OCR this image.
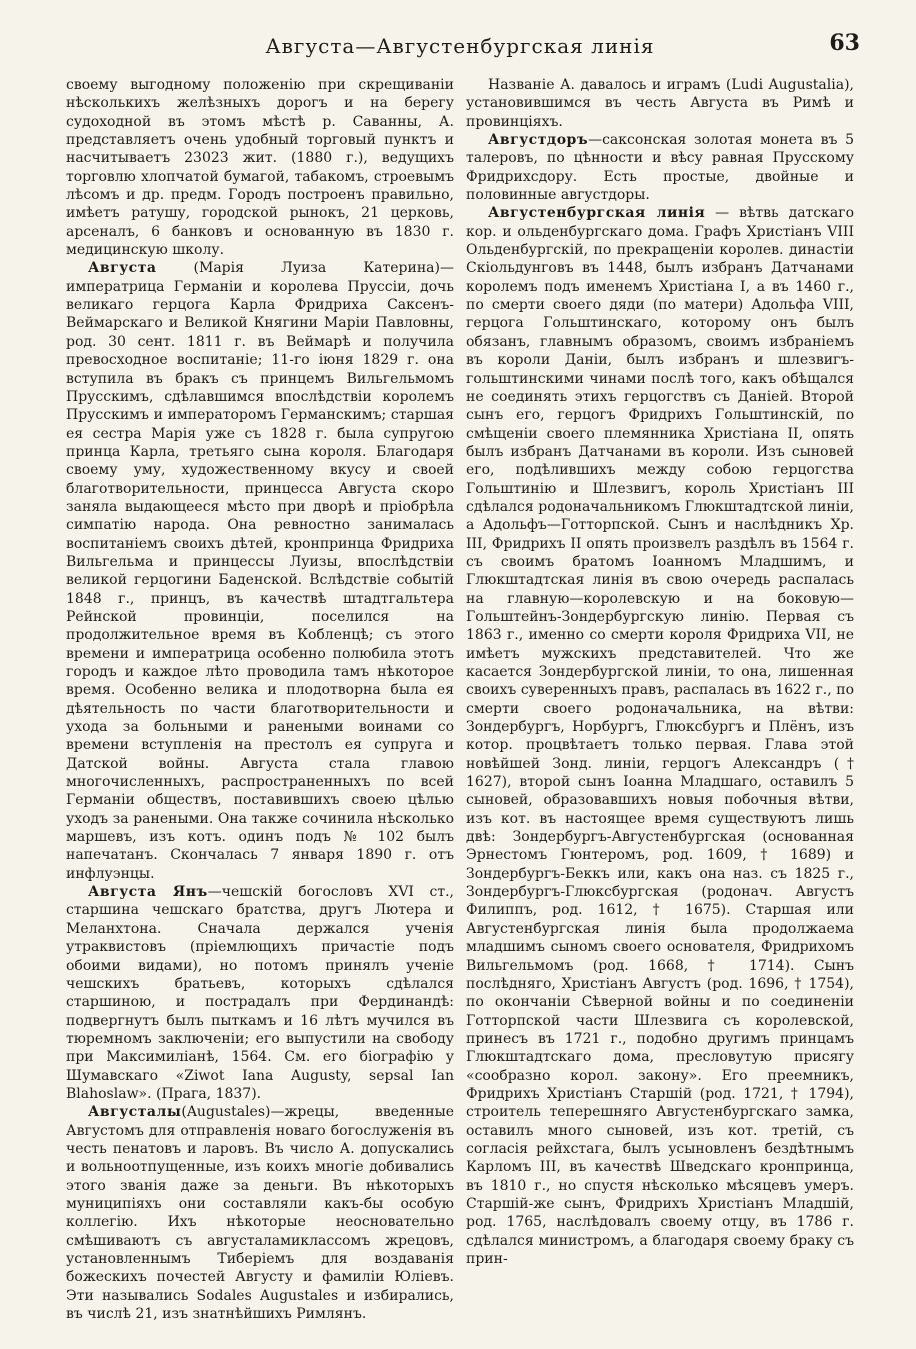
Августа—Августенбургская линія	63

своему выгодному положенію при скрещиваніи нѣсколькихъ желѣзныхъ дорогъ и на берегу судоходной въ этомъ мѣстѣ р. Саванны, А. представляетъ очень удобный торговый пунктъ и насчитываетъ 23023 жит. (1880 г.), ведущихъ торговлю хлопчатой бумагой, табакомъ, строевымъ лѣсомъ и др. предм. Городъ построенъ правильно, имѣетъ ратушу, городской рынокъ, 21 церковь, арсеналъ, 6 банковъ и основанную въ 1830 г. медицинскую школу.

Августа (Марія Луиза Катерина)—императрица Германіи и королева Пруссіи, дочь великаго герцога Карла Фридриха Саксенъ-Веймарскаго и Великой Княгини Маріи Павловны, род. 30 сент. 1811 г. въ Веймарѣ и получила превосходное воспитаніе; 11-го іюня 1829 г. она вступила въ бракъ съ принцемъ Вильгельмомъ Прусскимъ, сдѣлавшимся впослѣдствіи королемъ Прусскимъ и императоромъ Германскимъ; старшая ея сестра Марія уже съ 1828 г. была супругою принца Карла, третьяго сына короля. Благодаря своему уму, художественному вкусу и своей благотворительности, принцесса Августа скоро заняла выдающееся мѣсто при дворѣ и пріобрѣла симпатію народа. Она ревностно занималась воспитаніемъ своихъ дѣтей, кронпринца Фридриха Вильгельма и принцессы Луизы, впослѣдствіи великой герцогини Баденской. Вслѣдствіе событій 1848 г., принцъ, въ качествѣ штадтгальтера Рейнской провинціи, поселился на продолжительное время въ Кобленцѣ; съ этого времени и императрица особенно полюбила этотъ городъ и каждое лѣто проводила тамъ нѣкоторое время. Особенно велика и плодотворна была ея дѣятельность по части благотворительности и ухода за больными и ранеными воинами со времени вступленія на престолъ ея супруга и Датской войны. Августа стала главою многочисленныхъ, распространенныхъ по всей Германіи обществъ, поставившихъ своею цѣлью уходъ за ранеными. Она также сочинила нѣсколько маршевъ, изъ котъ. одинъ подъ № 102 былъ напечатанъ. Скончалась 7 января 1890 г. отъ инфлуэнцы.

Августа Янъ—чешскій богословъ XVI ст., старшина чешскаго братства, другъ Лютера и Меланхтона. Сначала держался ученія утраквистовъ (пріемлющихъ причастіе подъ обоими видами), но потомъ принялъ ученіе чешскихъ братьевъ, которыхъ сдѣлался старшиною, и пострадалъ при Фердинандѣ: подвергнутъ былъ пыткамъ и 16 лѣтъ мучился въ тюремномъ заключеніи; его выпустили на свободу при Максимиліанѣ, 1564. См. его біографію у Шумавскаго «Ziwot Iana Augusty, sepsal Ian Blahoslaw». (Прага, 1837).

Августалы(Augustales)—жрецы, введенные Августомъ для отправленія новаго богослуженія въ честь пенатовъ и ларовъ. Въ число А. допускались и вольноотпущенные, изъ коихъ многіе добивались этого званія даже за деньги. Въ нѣкоторыхъ муниципіяхъ они составляли какъ-бы особую коллегію. Ихъ нѣкоторые неосновательно смѣшиваютъ съ августаламиклассомъ жрецовъ, установленнымъ Тиберіемъ для воздаванія божескихъ почестей Августу и фамиліи Юліевъ. Эти назывались Sodales Augustales и избирались, въ числѣ 21, изъ знатнѣйшихъ Римлянъ.

Названіе А. давалось и играмъ (Ludi Augustalia), установившимся въ честь Августа въ Римѣ и провинціяхъ.

Августдоръ—саксонская золотая монета въ 5 талеровъ, по цѣнности и вѣсу равная Прусскому Фридрихсдору. Есть простые, двойные и половинные августдоры.

Августенбургская линія — вѣтвь датскаго кор. и ольденбургскаго дома. Графъ Христіанъ VIII Ольденбургскій, по прекращеніи королев. династіи Скіольдунговъ въ 1448, былъ избранъ Датчанами королемъ подъ именемъ Христіана I, а въ 1460 г., по смерти своего дяди (по матери) Адольфа VIII, герцога Гольштинскаго, которому онъ былъ обязанъ, главнымъ образомъ, своимъ избраніемъ въ короли Даніи, былъ избранъ и шлезвигъ-гольштинскими чинами послѣ того, какъ обѣщался не соединять этихъ герцогствъ съ Даніей. Второй сынъ его, герцогъ Фридрихъ Гольштинскій, по смѣщеніи своего племянника Христіана II, опять былъ избранъ Датчанами въ короли. Изъ сыновей его, подѣлившихъ между собою герцогства Гольштинію и Шлезвигъ, король Христіанъ III сдѣлался родоначальникомъ Глюкштадтской линіи, а Адольфъ—Готторпской. Сынъ и наслѣдникъ Хр. III, Фридрихъ II опять произвелъ раздѣлъ въ 1564 г. съ своимъ братомъ Іоанномъ Младшимъ, и Глюкштадтская линія въ свою очередь распалась на главную—королевскую и на боковую—Гольштейнъ-Зондербургскую линію. Первая съ 1863 г., именно со смерти короля Фридриха VII, не имѣетъ мужскихъ представителей. Что же касается Зондербургской линіи, то она, лишенная своихъ суверенныхъ правъ, распалась въ 1622 г., по смерти своего родоначальника, на вѣтви: Зондербургъ, Норбургъ, Глюксбургъ и Плёнъ, изъ котор. процвѣтаетъ только первая. Глава этой новѣйшей Зонд. линіи, герцогъ Александръ († 1627), второй сынъ Іоанна Младшаго, оставилъ 5 сыновей, образовавшихъ новыя побочныя вѣтви, изъ кот. въ настоящее время существуютъ лишь двѣ: Зондербургъ-Августенбургская (основанная Эрнестомъ Гюнтеромъ, род. 1609, † 1689) и Зондербургъ-Беккъ или, какъ она наз. съ 1825 г., Зондербургъ-Глюксбургская (родонач. Августъ Филиппъ, род. 1612, † 1675). Старшая или Августенбургская линія была продолжаема младшимъ сыномъ своего основателя, Фридрихомъ Вильгельмомъ (род. 1668, † 1714). Сынъ послѣдняго, Христіанъ Августъ (род. 1696, † 1754), по окончаніи Сѣверной войны и по соединеніи Готторпской части Шлезвига съ королевской, принесъ въ 1721 г., подобно другимъ принцамъ Глюкштадтскаго дома, пресловутую присягу «сообразно корол. закону». Его преемникъ, Фридрихъ Христіанъ Старшій (род. 1721, † 1794), строитель теперешняго Августенбургскаго замка, оставилъ много сыновей, изъ кот. третій, съ согласія рейхстага, былъ усыновленъ бездѣтнымъ Карломъ III, въ качествѣ Шведскаго кронпринца, въ 1810 г., но спустя нѣсколько мѣсяцевъ умеръ. Старшій-же сынъ, Фридрихъ Христіанъ Младшій, род. 1765, наслѣдовалъ своему отцу, въ 1786 г. сдѣлался министромъ, а благодаря своему браку съ прин-
